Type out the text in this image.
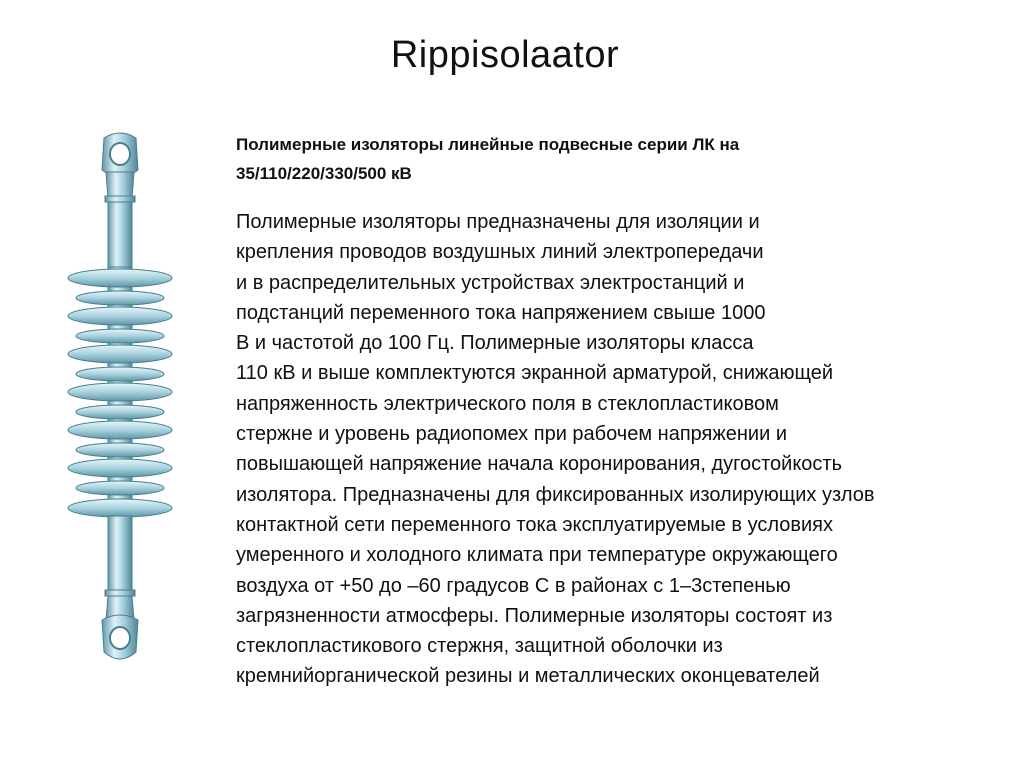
Rippisolaator
Полимерные изоляторы линейные подвесные серии ЛК на
35/110/220/330/500 кВ
Полимерные изоляторы предназначены для изоляции и
крепления проводов воздушных линий электропередачи
и в распределительных устройствах электростанций и
подстанций переменного тока напряжением свыше 1000
В и частотой до 100 Гц. Полимерные изоляторы класса
110 кВ и выше комплектуются экранной арматурой, снижающей
напряженность электрического поля в стеклопластиковом
стержне и уровень радиопомех при рабочем напряжении и
повышающей напряжение начала коронирования, дугостойкость
изолятора. Предназначены для фиксированных изолирующих узлов
контактной сети переменного тока эксплуатируемые в условиях
умеренного и холодного климата при температуре окружающего
воздуха от +50 до –60 градусов С в районах с 1–3степенью
загрязненности атмосферы. Полимерные изоляторы состоят из
стеклопластикового стержня, защитной оболочки из
кремнийорганической резины и металлических оконцевателей
